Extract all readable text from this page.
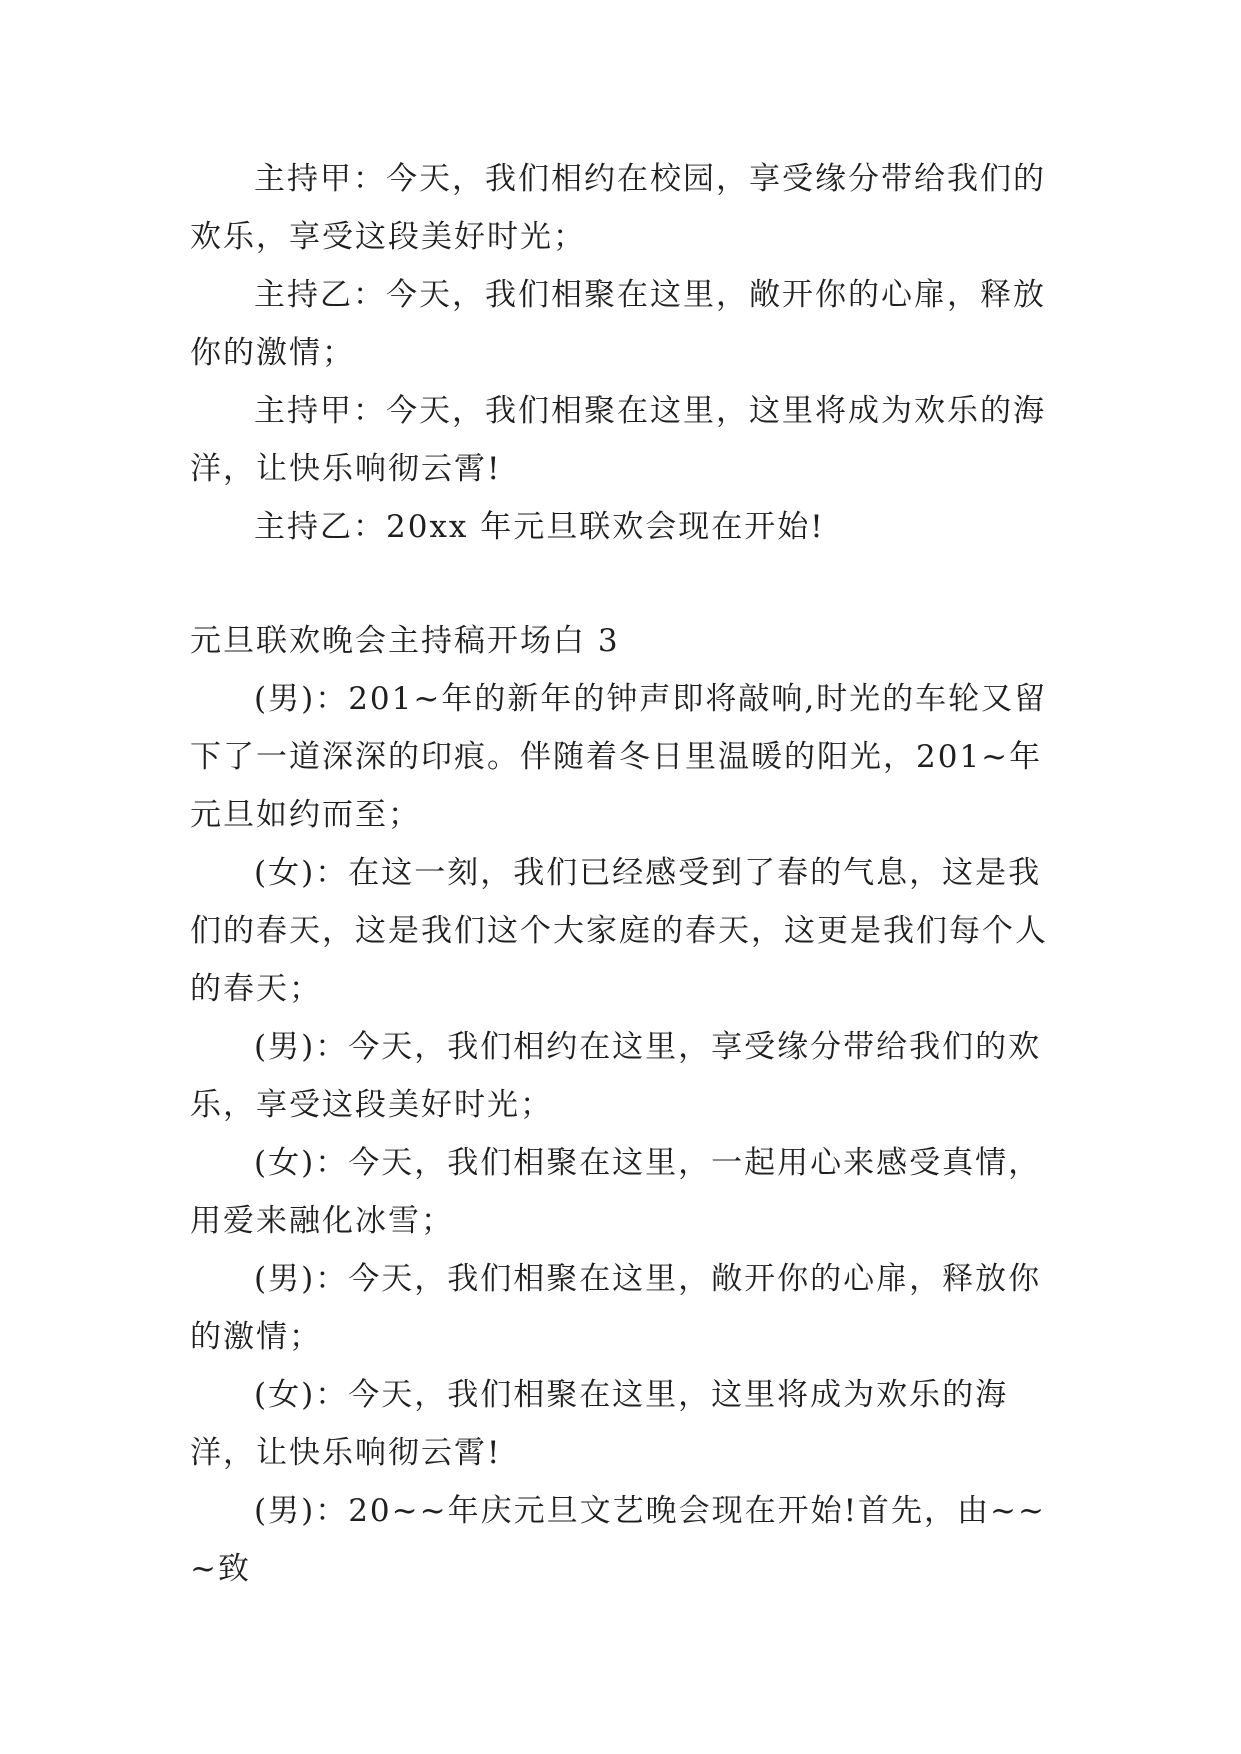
主持甲：今天，我们相约在校园，享受缘分带给我们的欢乐，享受这段美好时光；

主持乙：今天，我们相聚在这里，敞开你的心扉，释放你的激情；

主持甲：今天，我们相聚在这里，这里将成为欢乐的海洋，让快乐响彻云霄!

主持乙：20xx 年元旦联欢会现在开始!

元旦联欢晚会主持稿开场白 3

(男)：201~年的新年的钟声即将敲响,时光的车轮又留下了一道深深的印痕。伴随着冬日里温暖的阳光，201~年元旦如约而至；

(女)：在这一刻，我们已经感受到了春的气息，这是我们的春天，这是我们这个大家庭的春天，这更是我们每个人的春天；

(男)：今天，我们相约在这里，享受缘分带给我们的欢乐，享受这段美好时光；

(女)：今天，我们相聚在这里，一起用心来感受真情，用爱来融化冰雪；

(男)：今天，我们相聚在这里，敞开你的心扉，释放你的激情；

(女)：今天，我们相聚在这里，这里将成为欢乐的海洋，让快乐响彻云霄!

(男)：20~~年庆元旦文艺晚会现在开始!首先，由~~~致
